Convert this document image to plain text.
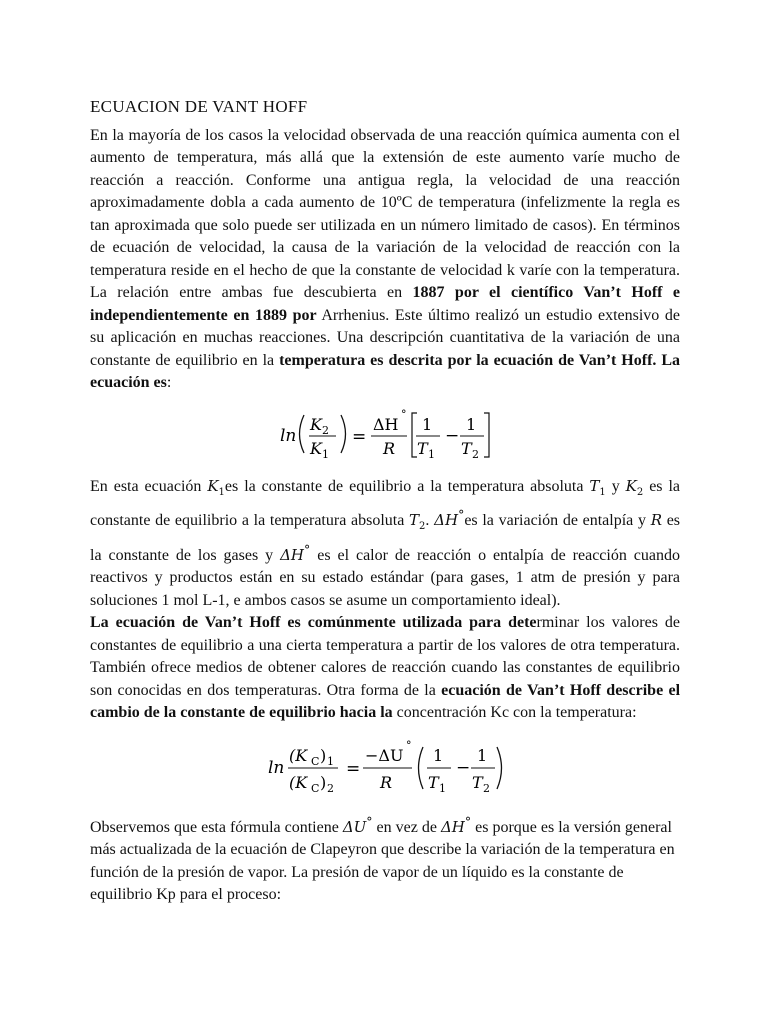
ECUACION DE VANT HOFF

En la mayoría de los casos la velocidad observada de una reacción química aumenta con el aumento de temperatura, más allá que la extensión de este aumento varíe mucho de reacción a reacción. Conforme una antigua regla, la velocidad de una reacción aproximadamente dobla a cada aumento de 10ºC de temperatura (infelizmente la regla es tan aproximada que solo puede ser utilizada en un número limitado de casos). En términos de ecuación de velocidad, la causa de la variación de la velocidad de reacción con la temperatura reside en el hecho de que la constante de velocidad k varíe con la temperatura. La relación entre ambas fue descubierta en 1887 por el científico Van’t Hoff e independientemente en 1889 por Arrhenius. Este último realizó un estudio extensivo de su aplicación en muchas reacciones. Una descripción cuantitativa de la variación de una constante de equilibrio en la temperatura es descrita por la ecuación de Van’t Hoff. La ecuación es:

ln
K 2
K 1
=
ΔH
°
R
1
T 1
−
1
T 2

En esta ecuación $K_1es$ la constante de equilibrio a la temperatura absoluta $T_1$ y $K_2$ es la constante de equilibrio a la temperatura absoluta $T_2$. ΔH°es la variación de entalpía y R es la constante de los gases y ΔH° es el calor de reacción o entalpía de reacción cuando reactivos y productos están en su estado estándar (para gases, 1 atm de presión y para soluciones 1 mol L-1, e ambos casos se asume un comportamiento ideal).

La ecuación de Van’t Hoff es comúnmente utilizada para determinar los valores de constantes de equilibrio a una cierta temperatura a partir de los valores de otra temperatura. También ofrece medios de obtener calores de reacción cuando las constantes de equilibrio son conocidas en dos temperaturas. Otra forma de la ecuación de Van’t Hoff describe el cambio de la constante de equilibrio hacia la concentración Kc con la temperatura:

ln
(K C ) 1
(K C ) 2
=
−ΔU
°
R
1
T 1
−
1
T 2

Observemos que esta fórmula contiene ΔU° en vez de ΔH° es porque es la versión general más actualizada de la ecuación de Clapeyron que describe la variación de la temperatura en función de la presión de vapor. La presión de vapor de un líquido es la constante de equilibrio Kp para el proceso:
